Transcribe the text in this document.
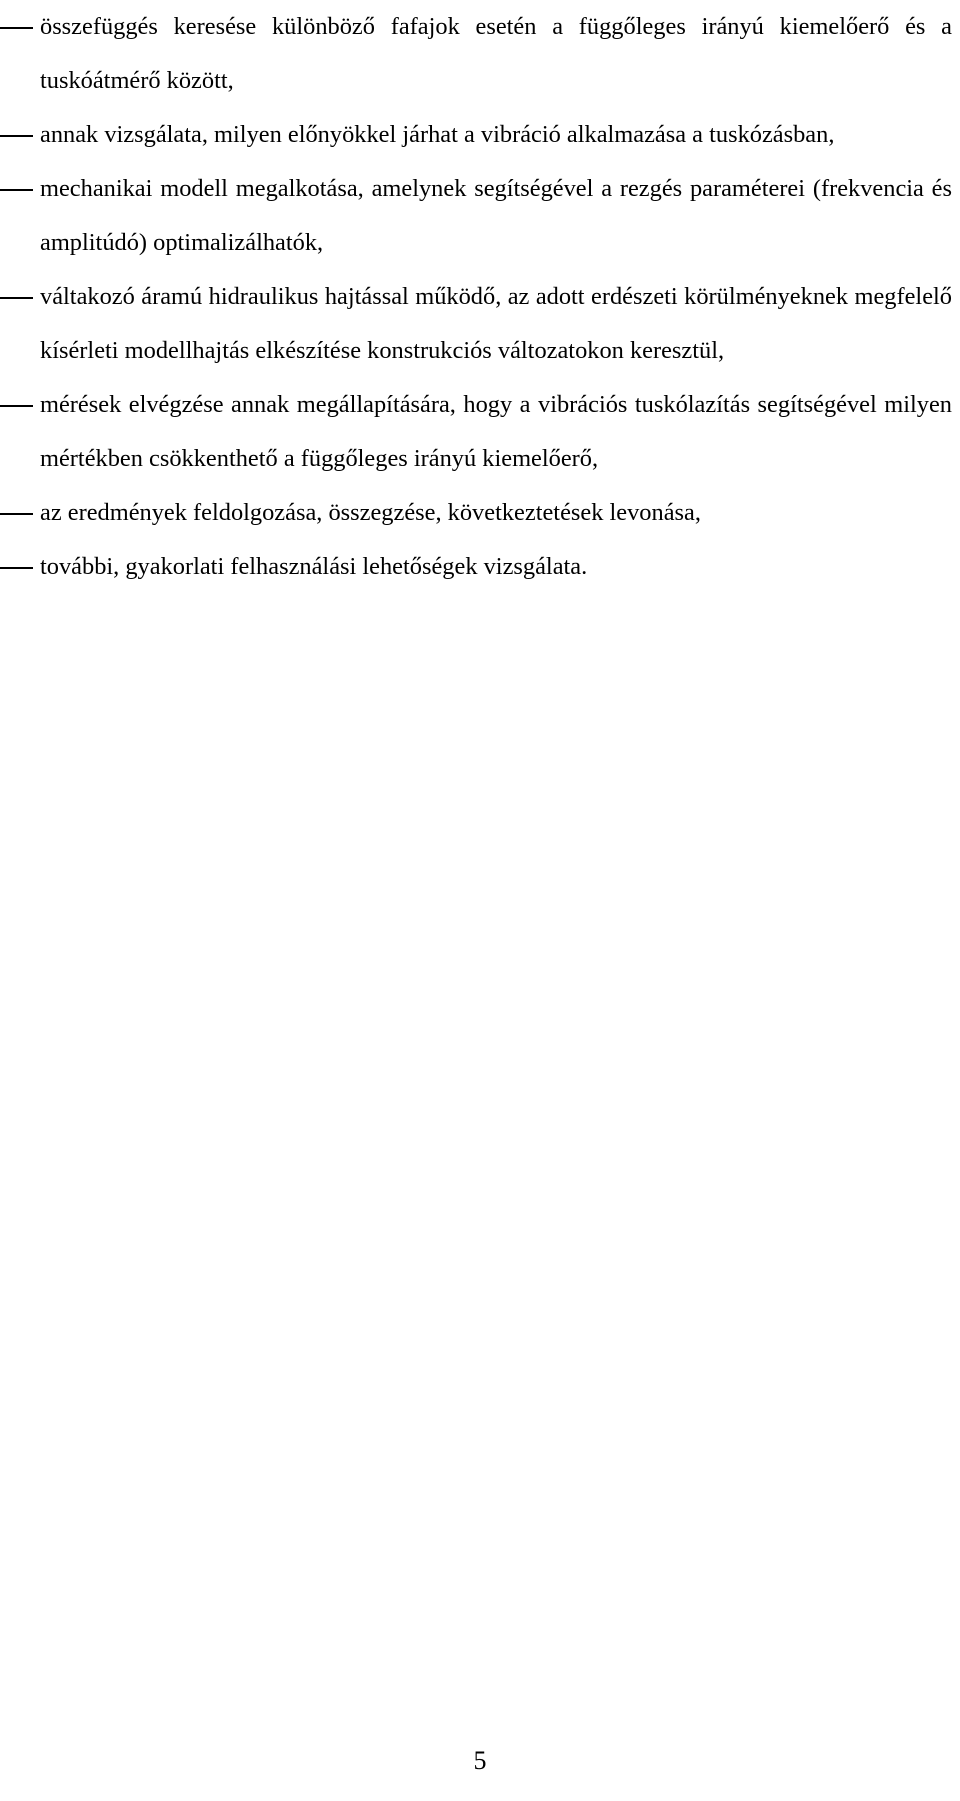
összefüggés keresése különböző fafajok esetén a függőleges irányú kiemelőerő és a tuskóátmérő között,
annak vizsgálata, milyen előnyökkel járhat a vibráció alkalmazása a tuskózásban,
mechanikai modell megalkotása, amelynek segítségével a rezgés paraméterei (frekvencia és amplitúdó) optimalizálhatók,
váltakozó áramú hidraulikus hajtással működő, az adott erdészeti körülményeknek megfelelő kísérleti modellhajtás elkészítése konstrukciós változatokon keresztül,
mérések elvégzése annak megállapítására, hogy a vibrációs tuskólazítás segítségével milyen mértékben csökkenthető a függőleges irányú kiemelőerő,
az eredmények feldolgozása, összegzése, következtetések levonása,
további, gyakorlati felhasználási lehetőségek vizsgálata.
5
